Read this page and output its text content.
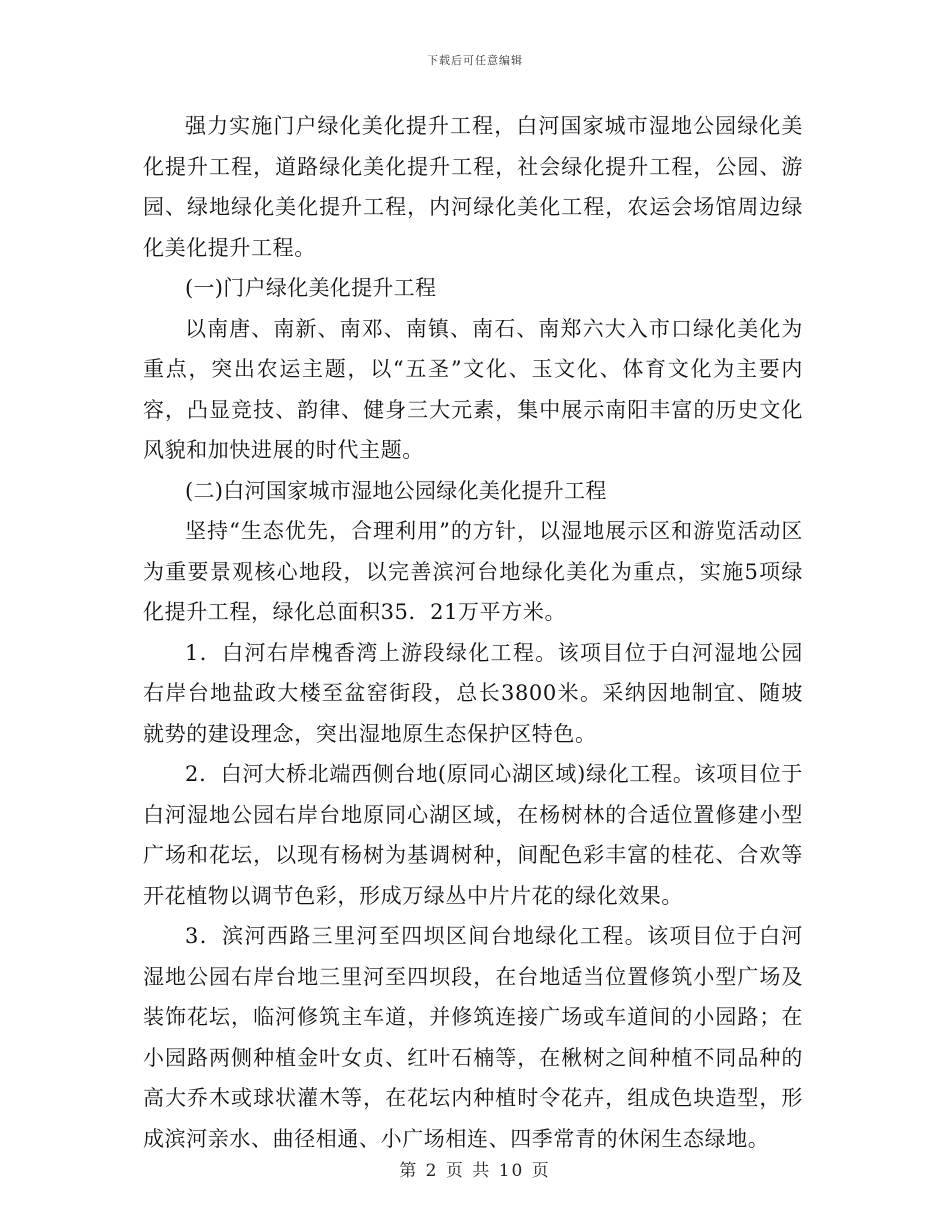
下载后可任意编辑

强力实施门户绿化美化提升工程，白河国家城市湿地公园绿化美化提升工程，道路绿化美化提升工程，社会绿化提升工程，公园、游园、绿地绿化美化提升工程，内河绿化美化工程，农运会场馆周边绿化美化提升工程。

(一)门户绿化美化提升工程

以南唐、南新、南邓、南镇、南石、南郑六大入市口绿化美化为重点，突出农运主题，以“五圣”文化、玉文化、体育文化为主要内容，凸显竞技、韵律、健身三大元素，集中展示南阳丰富的历史文化风貌和加快进展的时代主题。

(二)白河国家城市湿地公园绿化美化提升工程

坚持“生态优先，合理利用”的方针，以湿地展示区和游览活动区为重要景观核心地段，以完善滨河台地绿化美化为重点，实施5项绿化提升工程，绿化总面积35．21万平方米。

1．白河右岸槐香湾上游段绿化工程。该项目位于白河湿地公园右岸台地盐政大楼至盆窑街段，总长3800米。采纳因地制宜、随坡就势的建设理念，突出湿地原生态保护区特色。

2．白河大桥北端西侧台地(原同心湖区域)绿化工程。该项目位于白河湿地公园右岸台地原同心湖区域，在杨树林的合适位置修建小型广场和花坛，以现有杨树为基调树种，间配色彩丰富的桂花、合欢等开花植物以调节色彩，形成万绿丛中片片花的绿化效果。

3．滨河西路三里河至四坝区间台地绿化工程。该项目位于白河湿地公园右岸台地三里河至四坝段，在台地适当位置修筑小型广场及装饰花坛，临河修筑主车道，并修筑连接广场或车道间的小园路；在小园路两侧种植金叶女贞、红叶石楠等，在楸树之间种植不同品种的高大乔木或球状灌木等，在花坛内种植时令花卉，组成色块造型，形成滨河亲水、曲径相通、小广场相连、四季常青的休闲生态绿地。

第 2 页 共 10 页
